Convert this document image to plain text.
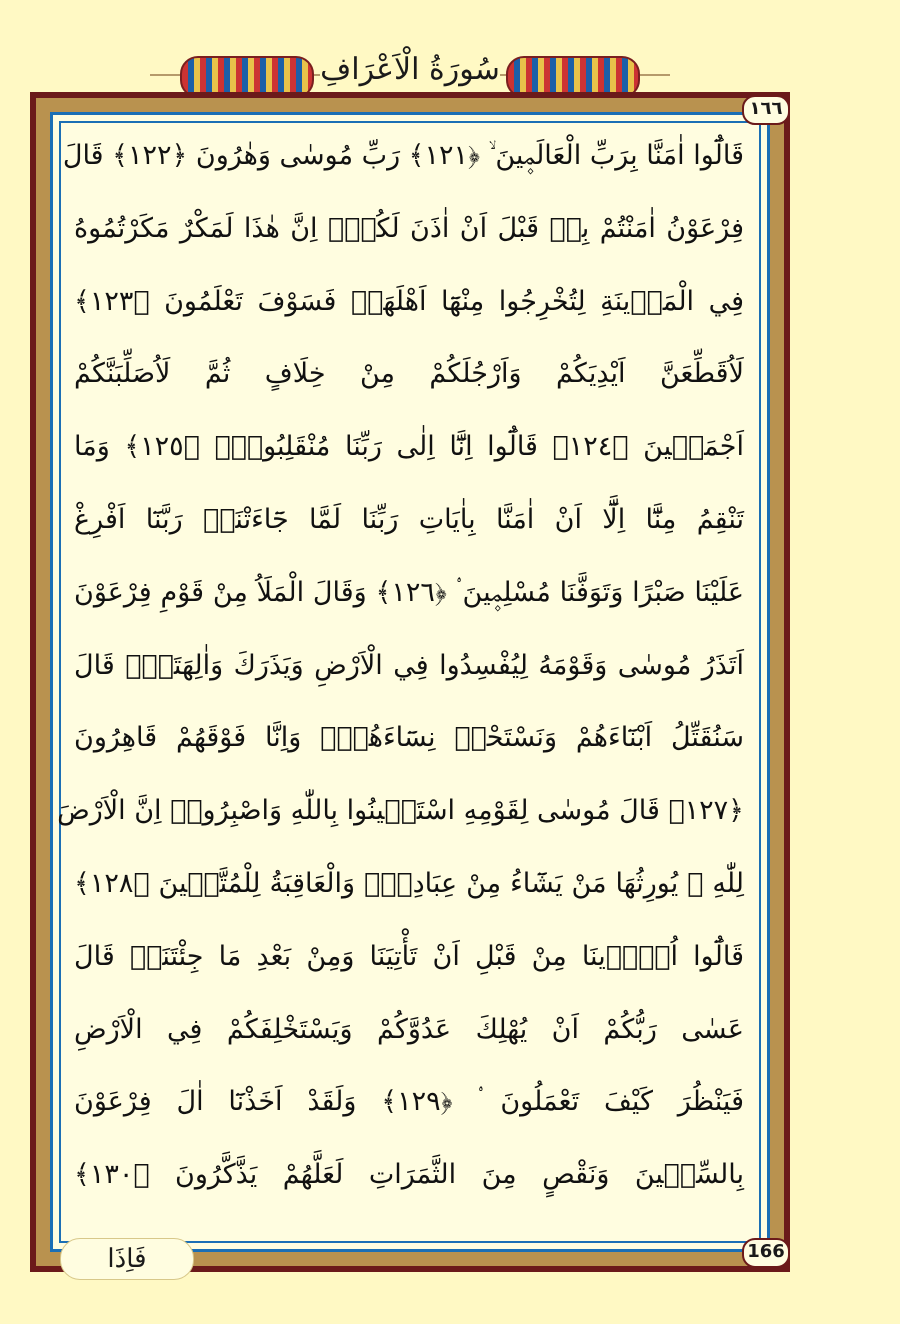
سُورَةُ الْاَعْرَافِ
١٦٦
166
قَالُٓوا اٰمَنَّا بِرَبِّ الْعَالَم۪ينَ ۙ ﴿١٢١﴾ رَبِّ مُوسٰى وَهٰرُونَ ﴿١٢٢﴾ قَالَ
فِرْعَوْنُ اٰمَنْتُمْ بِه۪ قَبْلَ اَنْ اٰذَنَ لَكُمْۚ اِنَّ هٰذَا لَمَكْرٌ مَكَرْتُمُوهُ
فِي الْمَد۪ينَةِ لِتُخْرِجُوا مِنْهَٓا اَهْلَهَاۚ فَسَوْفَ تَعْلَمُونَ ﴿١٢٣﴾
لَاُقَطِّعَنَّ اَيْدِيَكُمْ وَاَرْجُلَكُمْ مِنْ خِلَافٍ ثُمَّ لَاُصَلِّبَنَّكُمْ
اَجْمَع۪ينَ ﴿١٢٤﴾ قَالُٓوا اِنَّٓا اِلٰى رَبِّنَا مُنْقَلِبُونَۚ ﴿١٢٥﴾ وَمَا
تَنْقِمُ مِنَّٓا اِلَّٓا اَنْ اٰمَنَّا بِاٰيَاتِ رَبِّنَا لَمَّا جَٓاءَتْنَاۜ رَبَّنَٓا اَفْرِغْ
عَلَيْنَا صَبْرًا وَتَوَفَّنَا مُسْلِم۪ينَ ۟ ﴿١٢٦﴾ وَقَالَ الْمَلَاُ مِنْ قَوْمِ فِرْعَوْنَ
اَتَذَرُ مُوسٰى وَقَوْمَهُ لِيُفْسِدُوا فِي الْاَرْضِ وَيَذَرَكَ وَاٰلِهَتَكَۜ قَالَ
سَنُقَتِّلُ اَبْنَٓاءَهُمْ وَنَسْتَحْي۪ نِسَٓاءَهُمْۚ وَاِنَّا فَوْقَهُمْ قَاهِرُونَ
﴿١٢٧﴾ قَالَ مُوسٰى لِقَوْمِهِ اسْتَع۪ينُوا بِاللّٰهِ وَاصْبِرُواۚ اِنَّ الْاَرْضَ
لِلّٰهِ ۗ يُورِثُهَا مَنْ يَشَٓاءُ مِنْ عِبَادِه۪ۜ وَالْعَاقِبَةُ لِلْمُتَّق۪ينَ ﴿١٢٨﴾
قَالُٓوا اُو۫ذ۪ينَا مِنْ قَبْلِ اَنْ تَأْتِيَنَا وَمِنْ بَعْدِ مَا جِئْتَنَاۜ قَالَ
عَسٰى رَبُّكُمْ اَنْ يُهْلِكَ عَدُوَّكُمْ وَيَسْتَخْلِفَكُمْ فِي الْاَرْضِ
فَيَنْظُرَ كَيْفَ تَعْمَلُونَ ۟ ﴿١٢٩﴾ وَلَقَدْ اَخَذْنَٓا اٰلَ فِرْعَوْنَ
بِالسِّن۪ينَ وَنَقْصٍ مِنَ الثَّمَرَاتِ لَعَلَّهُمْ يَذَّكَّرُونَ ﴿١٣٠﴾
فَاِذَا
